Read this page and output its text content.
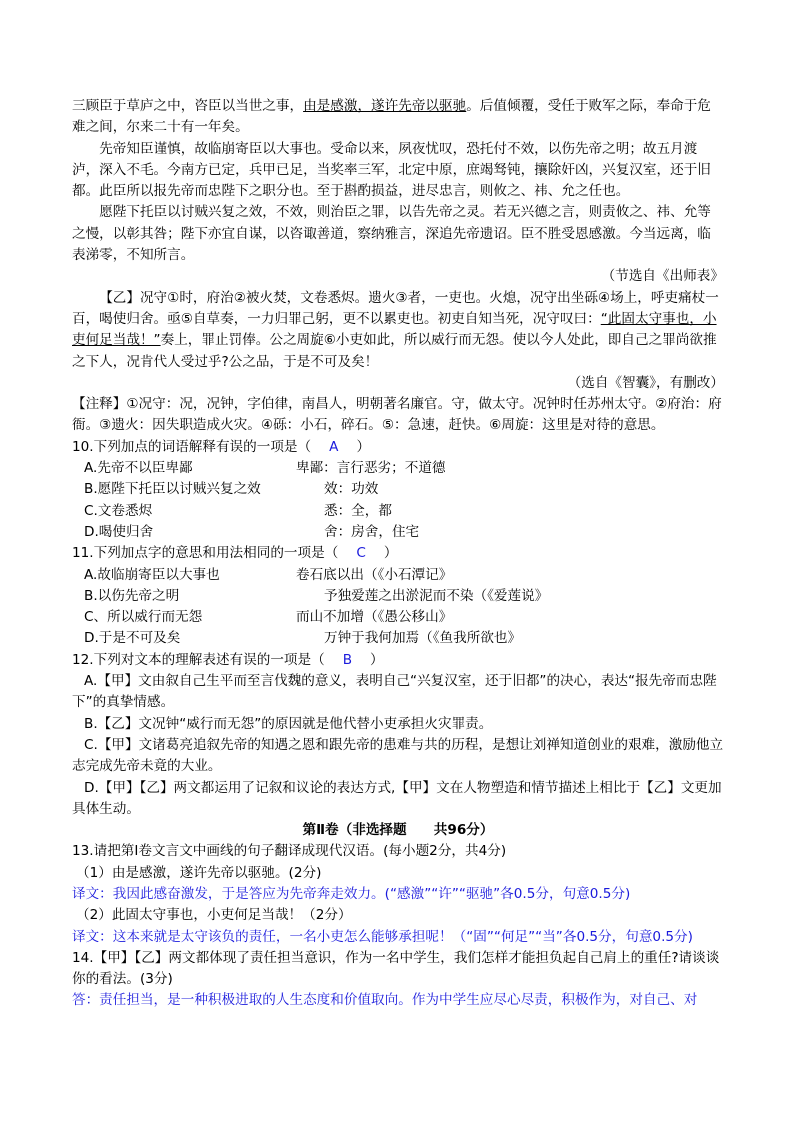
三顾臣于草庐之中，咨臣以当世之事，由是感激，遂许先帝以驱驰。后值倾覆，受任于败军之际，奉命于危难之间，尔来二十有一年矣。

先帝知臣谨慎，故临崩寄臣以大事也。受命以来，夙夜忧叹，恐托付不效，以伤先帝之明；故五月渡泸，深入不毛。今南方已定，兵甲已足，当奖率三军，北定中原，庶竭驽钝，攘除奸凶，兴复汉室，还于旧都。此臣所以报先帝而忠陛下之职分也。至于斟酌损益，进尽忠言，则攸之、祎、允之任也。

愿陛下托臣以讨贼兴复之效，不效，则治臣之罪，以告先帝之灵。若无兴德之言，则责攸之、祎、允等之慢，以彰其咎；陛下亦宜自谋，以咨诹善道，察纳雅言，深追先帝遗诏。臣不胜受恩感激。今当远离，临表涕零，不知所言。

（节选自《出师表》

【乙】况守①时，府治②被火焚，文卷悉烬。遗火③者，一吏也。火熄，况守出坐砾④场上，呼吏痛杖一百，喝使归舍。亟⑤自草奏，一力归罪己躬，更不以累吏也。初吏自知当死，况守叹曰：“此固太守事也，小吏何足当哉！”奏上，罪止罚俸。公之周旋⑥小吏如此，所以威行而无怨。使以今人处此，即自己之罪尚欲推之下人，况肯代人受过乎?公之品，于是不可及矣！

（选自《智囊》，有删改）

【注释】①况守：况，况钟，字伯律，南昌人，明朝著名廉官。守，做太守。况钟时任苏州太守。②府治：府衙。③遗火：因失职造成火灾。④砾：小石，碎石。⑤：急速，赶快。⑥周旋：这里是对待的意思。

10.下列加点的词语解释有误的一项是（ A ）

A.先帝不以臣卑鄙	卑鄙：言行恶劣；不道德
B.愿陛下托臣以讨贼兴复之效	效：功效
C.文卷悉烬	悉：全，都
D.喝使归舍	舍：房舍，住宅

11.下列加点字的意思和用法相同的一项是（ C ）

A.故临崩寄臣以大事也	卷石底以出（《小石潭记》
B.以伤先帝之明	予独爱莲之出淤泥而不染（《爱莲说》
C、所以威行而无怨	而山不加增（《愚公移山》
D.于是不可及矣	万钟于我何加焉（《鱼我所欲也》

12.下列对文本的理解表述有误的一项是（ B ）

A.【甲】文由叙自己生平而至言伐魏的意义，表明自己“兴复汉室，还于旧都”的决心，表达“报先帝而忠陛下”的真挚情感。

B.【乙】文况钟“威行而无怨”的原因就是他代替小吏承担火灾罪责。

C.【甲】文诸葛亮追叙先帝的知遇之恩和跟先帝的患难与共的历程，是想让刘禅知道创业的艰难，激励他立志完成先帝未竟的大业。

D.【甲】【乙】两文都运用了记叙和议论的表达方式,【甲】文在人物塑造和情节描述上相比于【乙】文更加具体生动。

第Ⅱ卷（非选择题　　共96分）

13.请把第Ⅰ卷文言文中画线的句子翻译成现代汉语。(每小题2分，共4分)

（1）由是感激，遂许先帝以驱驰。(2分)

译文：我因此感奋激发，于是答应为先帝奔走效力。(“感激”“许”“驱驰”各0.5分，句意0.5分)

（2）此固太守事也，小吏何足当哉！（2分）

译文：这本来就是太守该负的责任，一名小吏怎么能够承担呢！（“固”“何足”“当”各0.5分，句意0.5分)

14.【甲】【乙】两文都体现了责任担当意识，作为一名中学生，我们怎样才能担负起自己肩上的重任?请谈谈你的看法。(3分)

答：责任担当，是一种积极进取的人生态度和价值取向。作为中学生应尽心尽责，积极作为，对自己、对
